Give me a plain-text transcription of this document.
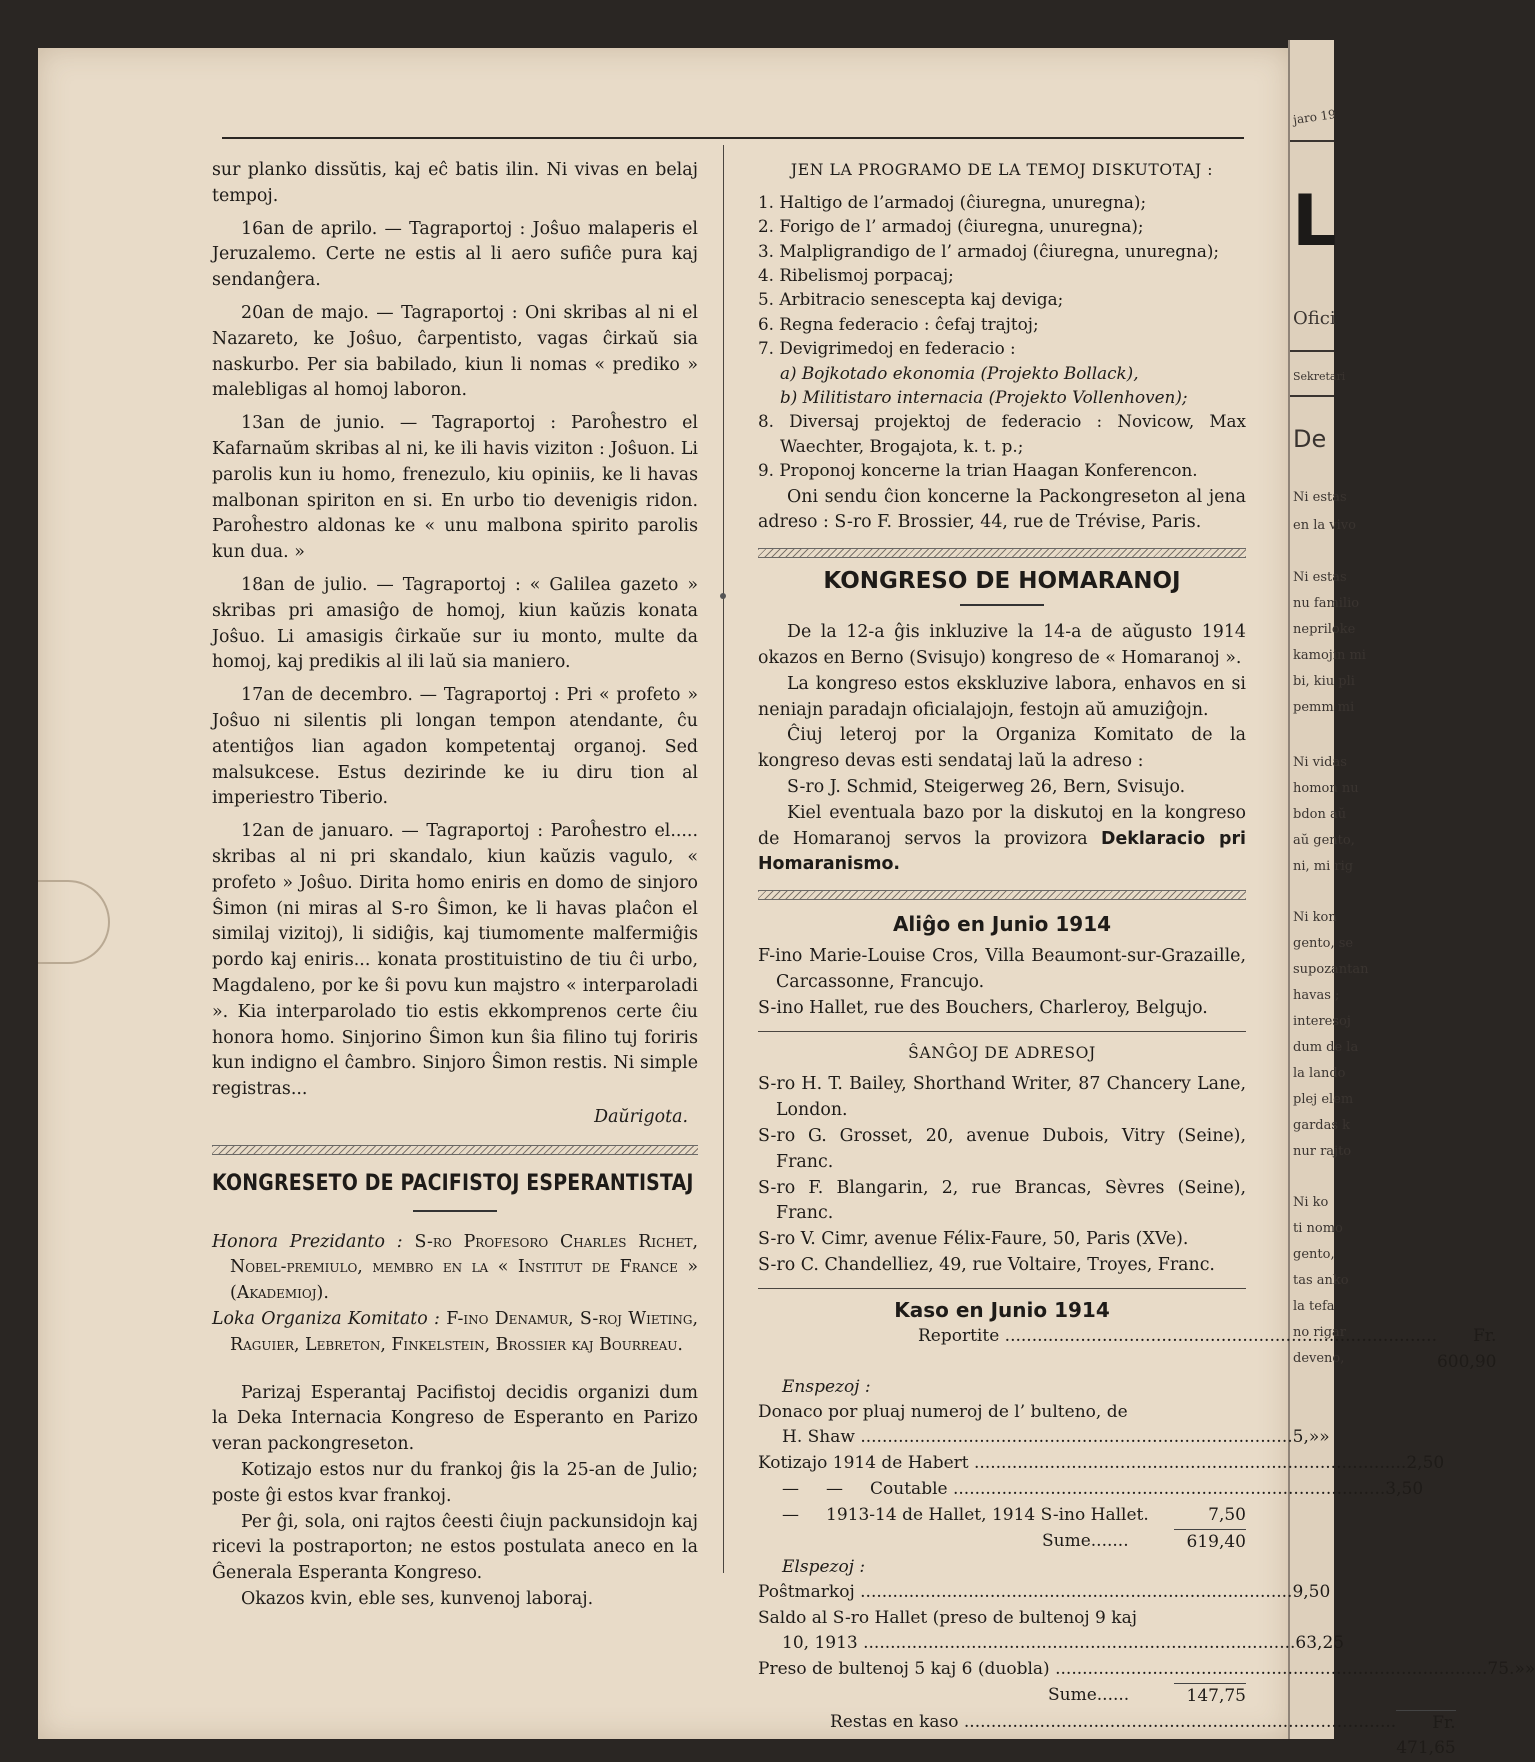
jaro 19
L
Ofici
Sekretari
De
Ni estas
en la vivo
Ni estas
nu familio
nepriloke
kamojin mi
bi, kiu pli
pemm mi
Ni vidas
homon nu
bdon aŭ
aŭ gento,
ni, mi rig
Ni kon
gento, se
supozantan
havas ;
interesoj
dum de la
la lando
plej elem
gardas k
nur rajto
Ni ko
ti nomo
gento,
tas anko
la tefa
no rigar
deveno,

sur planko dissŭtis, kaj eĉ batis ilin. Ni vivas en belaj tempoj.

16an de aprilo. — Tagraportoj : Joŝuo malaperis el Jeruzalemo. Certe ne estis al li aero sufiĉe pura kaj sendanĝera.

20an de majo. — Tagraportoj : Oni skribas al ni el Nazareto, ke Joŝuo, ĉarpentisto, vagas ĉirkaŭ sia naskurbo. Per sia babilado, kiun li nomas « prediko » malebligas al homoj laboron.

13an de junio. — Tagraportoj : Paroĥestro el Kafarnaŭm skribas al ni, ke ili havis viziton : Joŝuon. Li parolis kun iu homo, frenezulo, kiu opiniis, ke li havas malbonan spiriton en si. En urbo tio devenigis ridon. Paroĥestro aldonas ke « unu malbona spirito parolis kun dua. »

18an de julio. — Tagraportoj : « Galilea gazeto » skribas pri amasiĝo de homoj, kiun kaŭzis konata Joŝuo. Li amasigis ĉirkaŭe sur iu monto, multe da homoj, kaj predikis al ili laŭ sia maniero.

17an de decembro. — Tagraportoj : Pri « profeto » Joŝuo ni silentis pli longan tempon atendante, ĉu atentiĝos lian agadon kompetentaj organoj. Sed malsukcese. Estus dezirinde ke iu diru tion al imperiestro Tiberio.

12an de januaro. — Tagraportoj : Paroĥestro el..... skribas al ni pri skandalo, kiun kaŭzis vagulo, « profeto » Joŝuo. Dirita homo eniris en domo de sinjoro Ŝimon (ni miras al S-ro Ŝimon, ke li havas plaĉon el similaj vizitoj), li sidiĝis, kaj tiumomente malfermiĝis pordo kaj eniris... konata prostituistino de tiu ĉi urbo, Magdaleno, por ke ŝi povu kun majstro « interparoladi ». Kia interparolado tio estis ekkomprenos certe ĉiu honora homo. Sinjorino Ŝimon kun ŝia filino tuj foriris kun indigno el ĉambro. Sinjoro Ŝimon restis. Ni simple registras...

Daŭrigota.

KONGRESETO DE PACIFISTOJ ESPERANTISTAJ

Honora Prezidanto : S-ro Profesoro Charles Richet, Nobel-premiulo, membro en la « Institut de France » (Akademioj).

Loka Organiza Komitato : F-ino Denamur, S-roj Wieting, Raguier, Lebreton, Finkelstein, Brossier kaj Bourreau.

Parizaj Esperantaj Pacifistoj decidis organizi dum la Deka Internacia Kongreso de Esperanto en Parizo veran packongreseton.

Kotizajo estos nur du frankoj ĝis la 25-an de Julio; poste ĝi estos kvar frankoj.

Per ĝi, sola, oni rajtos ĉeesti ĉiujn packunsidojn kaj ricevi la postraporton; ne estos postulata aneco en la Ĝenerala Esperanta Kongreso.

Okazos kvin, eble ses, kunvenoj laboraj.

JEN LA PROGRAMO DE LA TEMOJ DISKUTOTAJ :

1. Haltigo de l’armadoj (ĉiuregna, unuregna);
2. Forigo de l’ armadoj (ĉiuregna, unuregna);
3. Malpligrandigo de l’ armadoj (ĉiuregna, unuregna);
4. Ribelismoj porpacaj;
5. Arbitracio senescepta kaj deviga;
6. Regna federacio : ĉefaj trajtoj;
7. Devigrimedoj en federacio :
a) Bojkotado ekonomia (Projekto Bollack),
b) Militistaro internacia (Projekto Vollenhoven);
8. Diversaj projektoj de federacio : Novicow, Max Waechter, Brogajota, k. t. p.;
9. Proponoj koncerne la trian Haagan Konferencon.

Oni sendu ĉion koncerne la Packongreseton al jena adreso : S-ro F. Brossier, 44, rue de Trévise, Paris.

KONGRESO DE HOMARANOJ

De la 12-a ĝis inkluzive la 14-a de aŭgusto 1914 okazos en Berno (Svisujo) kongreso de « Homaranoj ».

La kongreso estos ekskluzive labora, enhavos en si neniajn paradajn oficialajojn, festojn aŭ amuziĝojn.

Ĉiuj leteroj por la Organiza Komitato de la kongreso devas esti sendataj laŭ la adreso :

S-ro J. Schmid, Steigerweg 26, Bern, Svisujo.

Kiel eventuala bazo por la diskutoj en la kongreso de Homaranoj servos la provizora Deklaracio pri Homaranismo.

Aliĝo en Junio 1914

F-ino Marie-Louise Cros, Villa Beaumont-sur-Grazaille, Carcassonne, Francujo.

S-ino Hallet, rue des Bouchers, Charleroy, Belgujo.

ŜANĜOJ DE ADRESOJ

S-ro H. T. Bailey, Shorthand Writer, 87 Chancery Lane, London.

S-ro G. Grosset, 20, avenue Dubois, Vitry (Seine), Franc.

S-ro F. Blangarin, 2, rue Brancas, Sèvres (Seine), Franc.

S-ro V. Cimr, avenue Félix-Faure, 50, Paris (XVe).

S-ro C. Chandelliez, 49, rue Voltaire, Troyes, Franc.

Kaso en Junio 1914
Reportite .....	Fr. 600,90
Enspezoj :
Donaco por pluaj numeroj de l’ bulteno, de
H. Shaw .....	5,»»
Kotizajo 1914 de Habert .....	2,50
—     —     Coutable .....	3,50
—     1913-14 de Hallet, 1914 S-ino Hallet.	7,50
Sume.......	619,40
Elspezoj :
Poŝtmarkoj .....	9,50
Saldo al S-ro Hallet (preso de bultenoj 9 kaj
10, 1913 .....	63,25
Preso de bultenoj 5 kaj 6 (duobla) .....	75.»»
Sume......	147,75
Restas en kaso .....	Fr. 471,65
